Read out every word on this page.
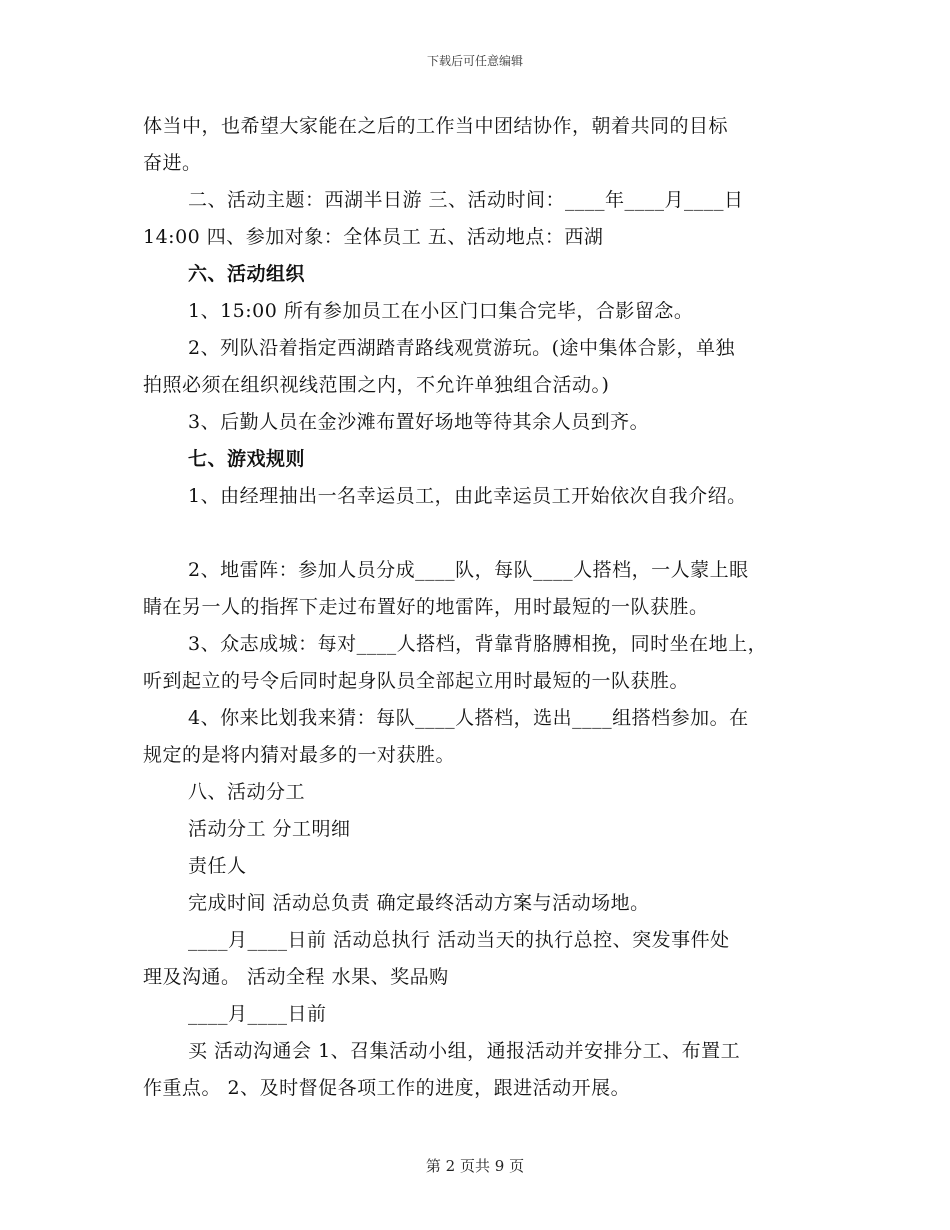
下载后可任意编辑
体当中，也希望大家能在之后的工作当中团结协作，朝着共同的目标
奋进。
二、活动主题：西湖半日游 三、活动时间：____年____月____日
14:00 四、参加对象：全体员工 五、活动地点：西湖
六、活动组织
1、15:00 所有参加员工在小区门口集合完毕，合影留念。
2、列队沿着指定西湖踏青路线观赏游玩。(途中集体合影，单独
拍照必须在组织视线范围之内，不允许单独组合活动。)
3、后勤人员在金沙滩布置好场地等待其余人员到齐。
七、游戏规则
1、由经理抽出一名幸运员工，由此幸运员工开始依次自我介绍。
2、地雷阵：参加人员分成____队，每队____人搭档，一人蒙上眼
睛在另一人的指挥下走过布置好的地雷阵，用时最短的一队获胜。
3、众志成城：每对____人搭档，背靠背胳膊相挽，同时坐在地上，
听到起立的号令后同时起身队员全部起立用时最短的一队获胜。
4、你来比划我来猜：每队____人搭档，选出____组搭档参加。在
规定的是将内猜对最多的一对获胜。
八、活动分工
活动分工 分工明细
责任人
完成时间 活动总负责 确定最终活动方案与活动场地。
____月____日前 活动总执行 活动当天的执行总控、突发事件处
理及沟通。 活动全程 水果、奖品购
____月____日前
买 活动沟通会 1、召集活动小组，通报活动并安排分工、布置工
作重点。 2、及时督促各项工作的进度，跟进活动开展。
第 2 页共 9 页
